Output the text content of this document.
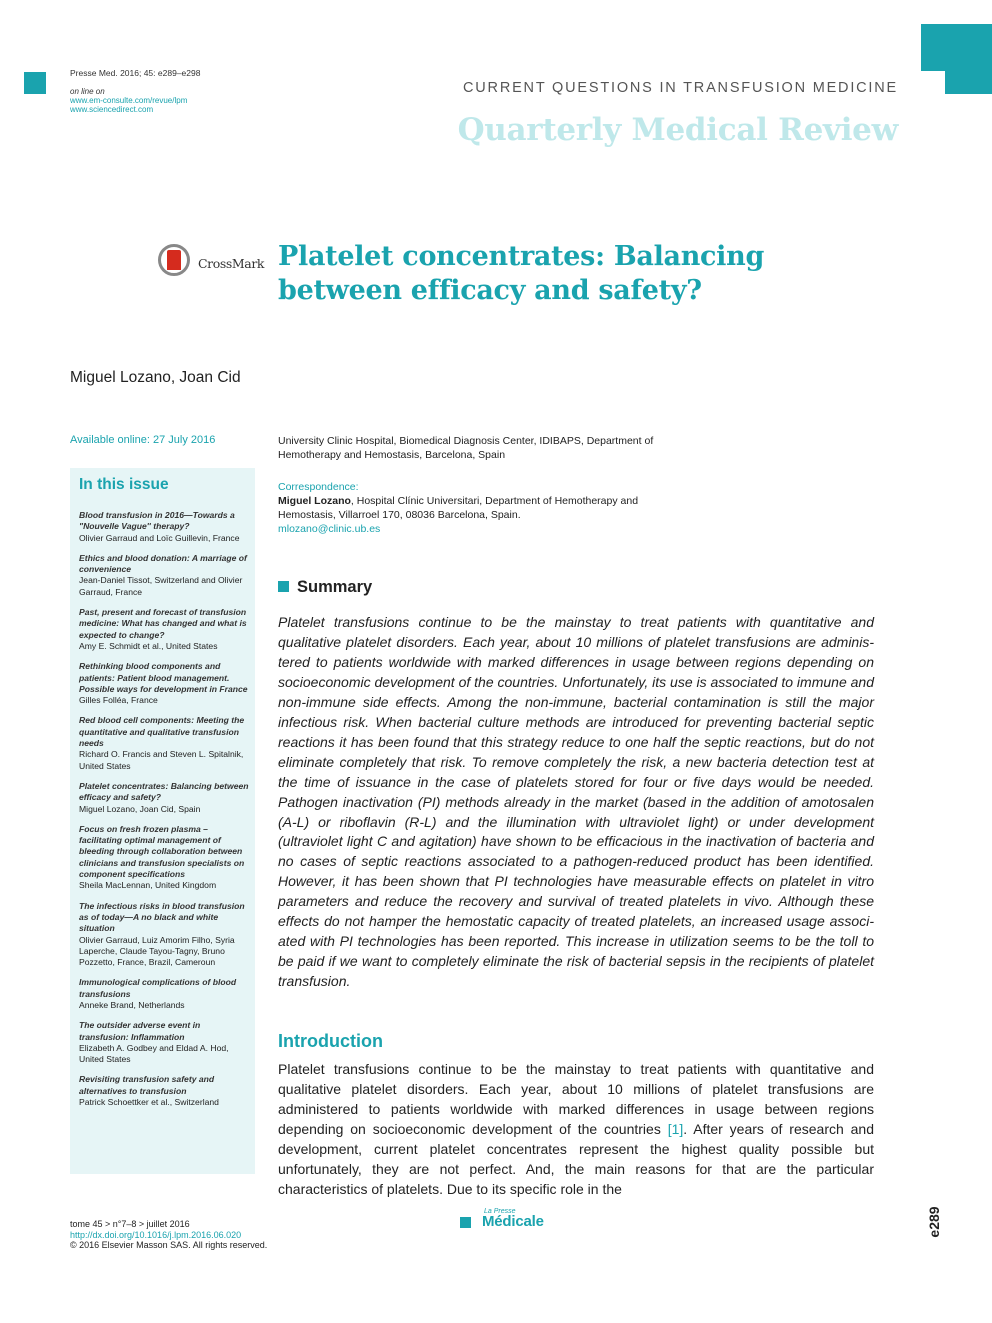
Presse Med. 2016; 45: e289–e298
on line on
www.em-consulte.com/revue/lpm
www.sciencedirect.com
CURRENT QUESTIONS IN TRANSFUSION MEDICINE
Quarterly Medical Review
CrossMark Platelet concentrates: Balancing between efficacy and safety?
Miguel Lozano, Joan Cid
Available online: 27 July 2016
In this issue
Blood transfusion in 2016—Towards a "Nouvelle Vague'' therapy?
Olivier Garraud and Loïc Guillevin, France
Ethics and blood donation: A marriage of convenience
Jean-Daniel Tissot, Switzerland and Olivier Garraud, France
Past, present and forecast of transfusion medicine: What has changed and what is expected to change?
Amy E. Schmidt et al., United States
Rethinking blood components and patients: Patient blood management. Possible ways for development in France
Gilles Folléa, France
Red blood cell components: Meeting the quantitative and qualitative transfusion needs
Richard O. Francis and Steven L. Spitalnik, United States
Platelet concentrates: Balancing between efficacy and safety?
Miguel Lozano, Joan Cid, Spain
Focus on fresh frozen plasma – facilitating optimal management of bleeding through collaboration between clinicians and transfusion specialists on component specifications
Sheila MacLennan, United Kingdom
The infectious risks in blood transfusion as of today—A no black and white situation
Olivier Garraud, Luiz Amorim Filho, Syria Laperche, Claude Tayou-Tagny, Bruno Pozzetto, France, Brazil, Cameroun
Immunological complications of blood transfusions
Anneke Brand, Netherlands
The outsider adverse event in transfusion: Inflammation
Elizabeth A. Godbey and Eldad A. Hod, United States
Revisiting transfusion safety and alternatives to transfusion
Patrick Schoettker et al., Switzerland
University Clinic Hospital, Biomedical Diagnosis Center, IDIBAPS, Department of Hemotherapy and Hemostasis, Barcelona, Spain
Correspondence:
Miguel Lozano, Hospital Clínic Universitari, Department of Hemotherapy and Hemostasis, Villarroel 170, 08036 Barcelona, Spain.
mlozano@clinic.ub.es
Summary
Platelet transfusions continue to be the mainstay to treat patients with quantitative and qualitative platelet disorders. Each year, about 10 millions of platelet transfusions are administered to patients worldwide with marked differences in usage between regions depending on socioeconomic development of the countries. Unfortunately, its use is associated to immune and non-immune side effects. Among the non-immune, bacterial contamination is still the major infectious risk. When bacterial culture methods are introduced for preventing bacterial septic reactions it has been found that this strategy reduce to one half the septic reactions, but do not eliminate completely that risk. To remove completely the risk, a new bacteria detection test at the time of issuance in the case of platelets stored for four or five days would be needed. Pathogen inactivation (PI) methods already in the market (based in the addition of amotosalen (A-L) or riboflavin (R-L) and the illumination with ultraviolet light) or under development (ultraviolet light C and agitation) have shown to be efficacious in the inactivation of bacteria and no cases of septic reactions associated to a pathogen-reduced product has been identified. However, it has been shown that PI technologies have measurable effects on platelet in vitro parameters and reduce the recovery and survival of treated platelets in vivo. Although these effects do not hamper the hemostatic capacity of treated platelets, an increased usage associated with PI technologies has been reported. This increase in utilization seems to be the toll to be paid if we want to completely eliminate the risk of bacterial sepsis in the recipients of platelet transfusion.
Introduction
Platelet transfusions continue to be the mainstay to treat patients with quantitative and qualitative platelet disorders. Each year, about 10 millions of platelet transfusions are administered to patients worldwide with marked differences in usage between regions depending on socioeconomic development of the countries [1]. After years of research and development, current platelet concentrates represent the highest quality possible but unfortunately, they are not perfect. And, the main reasons for that are the particular characteristics of platelets. Due to its specific role in the
tome 45 > n°7–8 > juillet 2016
http://dx.doi.org/10.1016/j.lpm.2016.06.020
© 2016 Elsevier Masson SAS. All rights reserved.
La Presse
Médicale	e289
